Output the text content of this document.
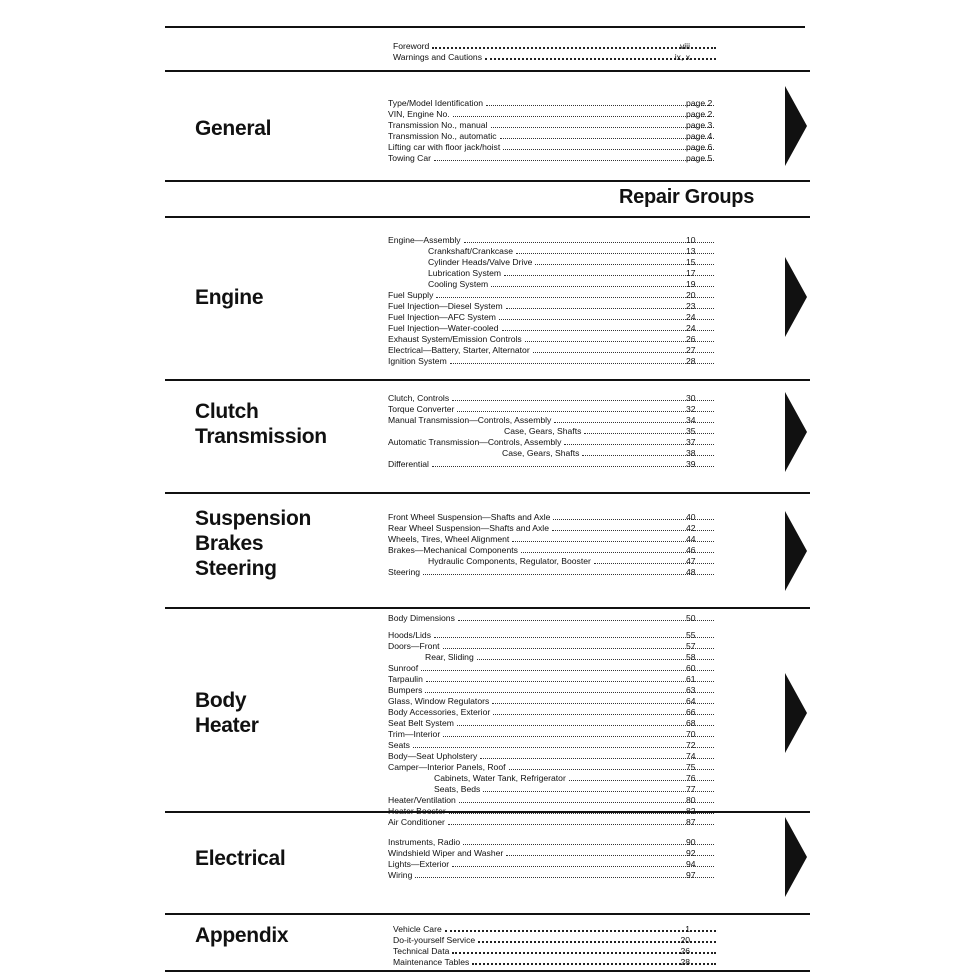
Foreword	viii
Warnings and Cautions	ix, x
Repair Groups
General
Engine
Clutch
Transmission
Suspension
Brakes
Steering
Body
Heater
Electrical
Appendix
Type/Model Identification	page 2
VIN, Engine No.	page 2
Transmission No., manual	page 3
Transmission No., automatic	page 4
Lifting car with floor jack/hoist	page 6
Towing Car	page 5
Engine—Assembly	10
Crankshaft/Crankcase	13
Cylinder Heads/Valve Drive	15
Lubrication System	17
Cooling System	19
Fuel Supply	20
Fuel Injection—Diesel System	23
Fuel Injection—AFC System	24
Fuel Injection—Water-cooled	24
Exhaust System/Emission Controls	26
Electrical—Battery, Starter, Alternator	27
Ignition System	28
Clutch, Controls	30
Torque Converter	32
Manual Transmission—Controls, Assembly	34
Case, Gears, Shafts	35
Automatic Transmission—Controls, Assembly	37
Case, Gears, Shafts	38
Differential	39
Front Wheel Suspension—Shafts and Axle	40
Rear Wheel Suspension—Shafts and Axle	42
Wheels, Tires, Wheel Alignment	44
Brakes—Mechanical Components	46
Hydraulic Components, Regulator, Booster	47
Steering	48
Body Dimensions	50
Hoods/Lids	55
Doors—Front	57
Rear, Sliding	58
Sunroof	60
Tarpaulin	61
Bumpers	63
Glass, Window Regulators	64
Body Accessories, Exterior	66
Seat Belt System	68
Trim—Interior	70
Seats	72
Body—Seat Upholstery	74
Camper—Interior Panels, Roof	75
Cabinets, Water Tank, Refrigerator	76
Seats, Beds	77
Heater/Ventilation	80
Heater Booster	82
Air Conditioner	87
Instruments, Radio	90
Windshield Wiper and Washer	92
Lights—Exterior	94
Wiring	97
Vehicle Care	1
Do-it-yourself Service	20
Technical Data	26
Maintenance Tables	28
